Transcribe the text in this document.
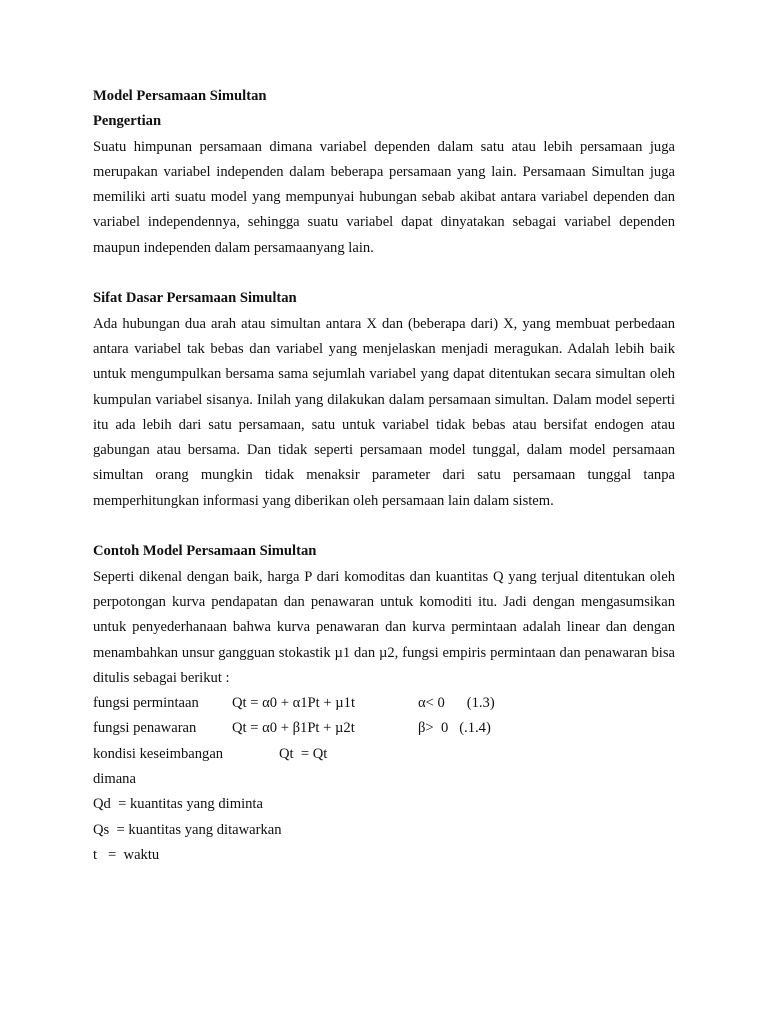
Model Persamaan Simultan

Pengertian

Suatu himpunan persamaan dimana variabel dependen dalam satu atau lebih persamaan juga merupakan variabel independen dalam beberapa persamaan yang lain. Persamaan Simultan juga memiliki arti suatu model yang mempunyai hubungan sebab akibat antara variabel dependen dan variabel independennya, sehingga suatu variabel dapat dinyatakan sebagai variabel dependen maupun independen dalam persamaanyang lain.

Sifat Dasar Persamaan Simultan

Ada hubungan dua arah atau simultan antara X dan (beberapa dari) X, yang membuat perbedaan antara variabel tak bebas dan variabel yang menjelaskan menjadi meragukan. Adalah lebih baik untuk mengumpulkan bersama sama sejumlah variabel yang dapat ditentukan secara simultan oleh kumpulan variabel sisanya. Inilah yang dilakukan dalam persamaan simultan. Dalam model seperti itu ada lebih dari satu persamaan, satu untuk variabel tidak bebas atau bersifat endogen atau gabungan atau bersama. Dan tidak seperti persamaan model tunggal, dalam model persamaan simultan orang mungkin tidak menaksir parameter dari satu persamaan tunggal tanpa memperhitungkan informasi yang diberikan oleh persamaan lain dalam sistem.

Contoh Model Persamaan Simultan

Seperti dikenal dengan baik, harga P dari komoditas dan kuantitas Q yang terjual ditentukan oleh perpotongan kurva pendapatan dan penawaran untuk komoditi itu. Jadi dengan mengasumsikan untuk penyederhanaan bahwa kurva penawaran dan kurva permintaan adalah linear dan dengan menambahkan unsur gangguan stokastik µ1 dan µ2, fungsi empiris permintaan dan penawaran bisa ditulis sebagai berikut :

fungsi permintaan	Qt = α0 + α1Pt + µ1t	α< 0      (1.3)
fungsi penawaran	Qt = α0 + β1Pt + µ2t	β>  0   (.1.4)
kondisi keseimbangan	Qt  = Qt

dimana

Qd  = kuantitas yang diminta

Qs  = kuantitas yang ditawarkan

t   =  waktu
